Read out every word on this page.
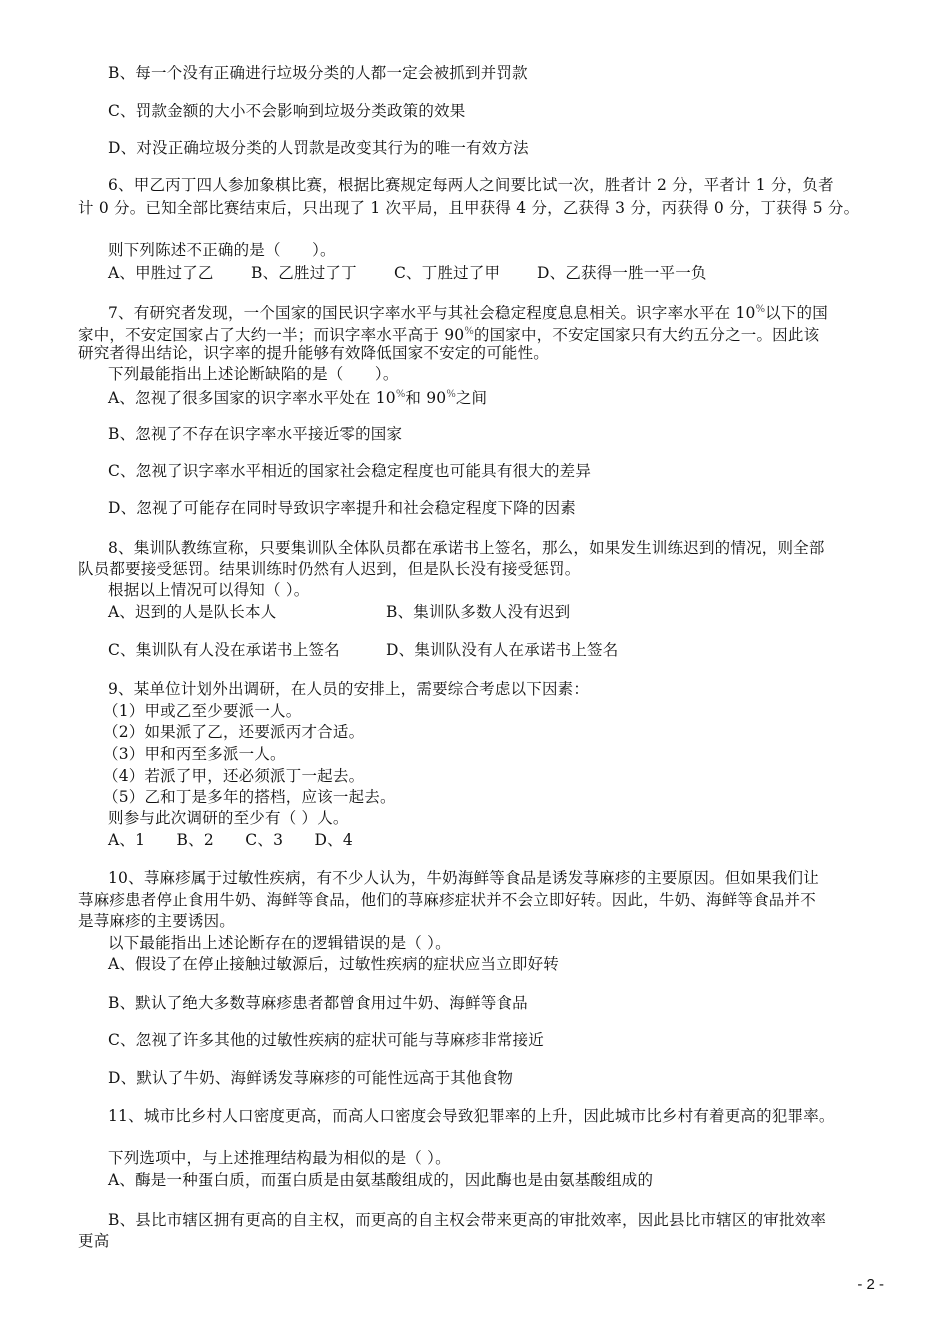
B、每一个没有正确进行垃圾分类的人都一定会被抓到并罚款
C、罚款金额的大小不会影响到垃圾分类政策的效果
D、对没正确垃圾分类的人罚款是改变其行为的唯一有效方法
6、甲乙丙丁四人参加象棋比赛，根据比赛规定每两人之间要比试一次，胜者计 2 分，平者计 1 分，负者
计 0 分。已知全部比赛结束后，只出现了 1 次平局，且甲获得 4 分，乙获得 3 分，丙获得 0 分，丁获得 5 分。
则下列陈述不正确的是（　　）。
A、甲胜过了乙 B、乙胜过了丁 C、丁胜过了甲 D、乙获得一胜一平一负
7、有研究者发现，一个国家的国民识字率水平与其社会稳定程度息息相关。识字率水平在 10%以下的国
家中，不安定国家占了大约一半；而识字率水平高于 90%的国家中，不安定国家只有大约五分之一。因此该
研究者得出结论，识字率的提升能够有效降低国家不安定的可能性。
下列最能指出上述论断缺陷的是（　　）。
A、忽视了很多国家的识字率水平处在 10%和 90%之间
B、忽视了不存在识字率水平接近零的国家
C、忽视了识字率水平相近的国家社会稳定程度也可能具有很大的差异
D、忽视了可能存在同时导致识字率提升和社会稳定程度下降的因素
8、集训队教练宣称，只要集训队全体队员都在承诺书上签名，那么，如果发生训练迟到的情况，则全部
队员都要接受惩罚。结果训练时仍然有人迟到，但是队长没有接受惩罚。
根据以上情况可以得知（ ）。
A、迟到的人是队长本人	B、集训队多数人没有迟到
C、集训队有人没在承诺书上签名	D、集训队没有人在承诺书上签名
9、某单位计划外出调研，在人员的安排上，需要综合考虑以下因素：
（1）甲或乙至少要派一人。
（2）如果派了乙，还要派丙才合适。
（3）甲和丙至多派一人。
（4）若派了甲，还必须派丁一起去。
（5）乙和丁是多年的搭档，应该一起去。
则参与此次调研的至少有（ ）人。
A、1　　B、2　　C、3　　D、4
10、荨麻疹属于过敏性疾病，有不少人认为，牛奶海鲜等食品是诱发荨麻疹的主要原因。但如果我们让
荨麻疹患者停止食用牛奶、海鲜等食品，他们的荨麻疹症状并不会立即好转。因此，牛奶、海鲜等食品并不
是荨麻疹的主要诱因。
以下最能指出上述论断存在的逻辑错误的是（ ）。
A、假设了在停止接触过敏源后，过敏性疾病的症状应当立即好转
B、默认了绝大多数荨麻疹患者都曾食用过牛奶、海鲜等食品
C、忽视了许多其他的过敏性疾病的症状可能与荨麻疹非常接近
D、默认了牛奶、海鲜诱发荨麻疹的可能性远高于其他食物
11、城市比乡村人口密度更高，而高人口密度会导致犯罪率的上升，因此城市比乡村有着更高的犯罪率。
下列选项中，与上述推理结构最为相似的是（ ）。
A、酶是一种蛋白质，而蛋白质是由氨基酸组成的，因此酶也是由氨基酸组成的
B、县比市辖区拥有更高的自主权，而更高的自主权会带来更高的审批效率，因此县比市辖区的审批效率
更高
- 2 -
